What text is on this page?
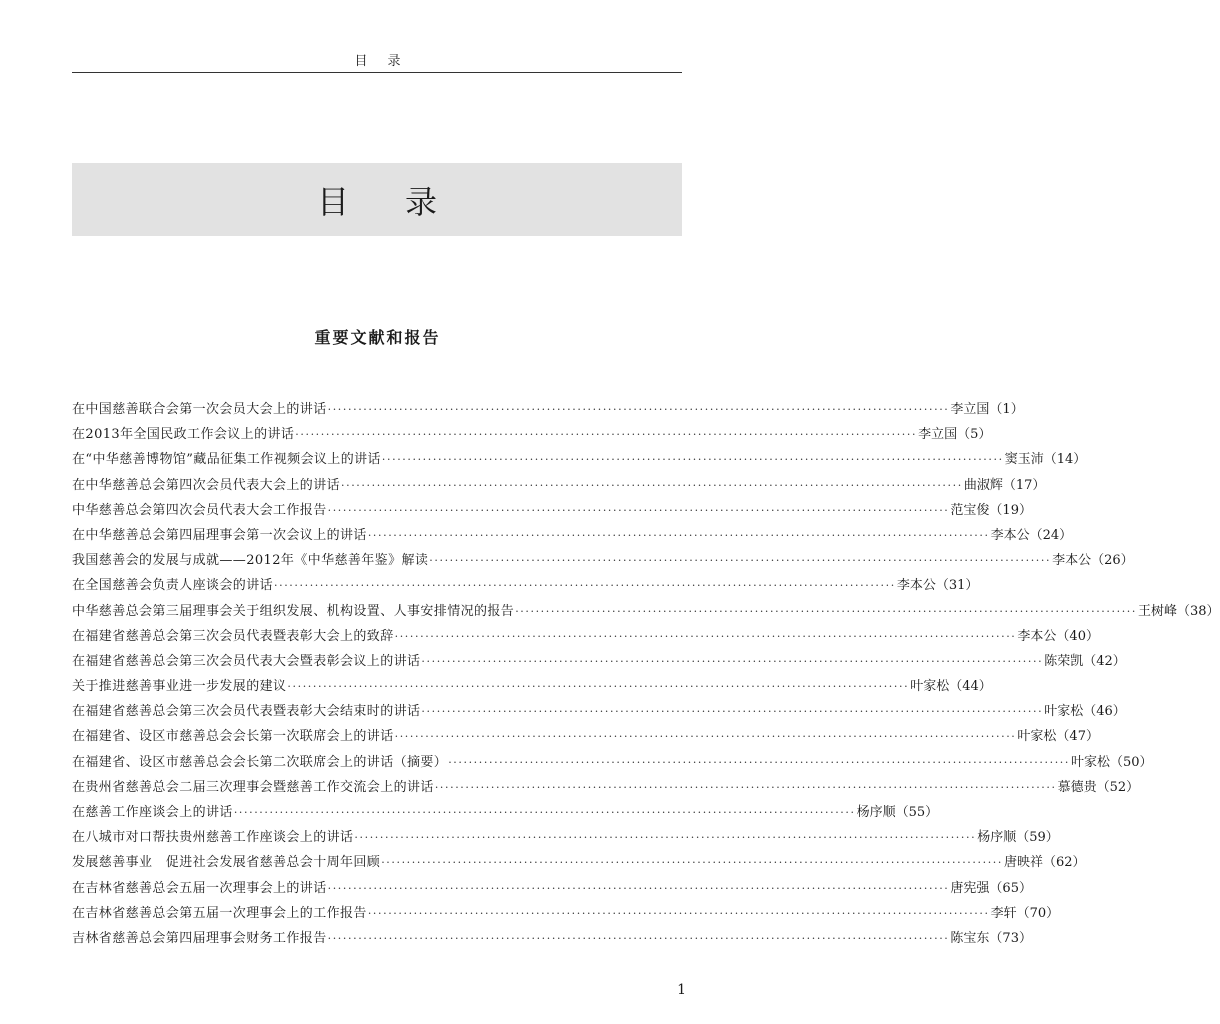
目录
目录
重要文献和报告
在中国慈善联合会第一次会员大会上的讲话 ·····	李立国 （1）
在2013年全国民政工作会议上的讲话 ·····	李立国 （5）
在“中华慈善博物馆”藏品征集工作视频会议上的讲话 ·····	窦玉沛 （14）
在中华慈善总会第四次会员代表大会上的讲话 ·····	曲淑辉 （17）
中华慈善总会第四次会员代表大会工作报告 ·····	范宝俊 （19）
在中华慈善总会第四届理事会第一次会议上的讲话 ·····	李本公 （24）
我国慈善会的发展与成就——2012年《中华慈善年鉴》解读 ·····	李本公 （26）
在全国慈善会负责人座谈会的讲话 ·····	李本公 （31）
中华慈善总会第三届理事会关于组织发展、机构设置、人事安排情况的报告 ·····	王树峰 （38）
在福建省慈善总会第三次会员代表暨表彰大会上的致辞 ·····	李本公 （40）
在福建省慈善总会第三次会员代表大会暨表彰会议上的讲话 ·····	陈荣凯 （42）
关于推进慈善事业进一步发展的建议 ·····	叶家松 （44）
在福建省慈善总会第三次会员代表暨表彰大会结束时的讲话 ·····	叶家松 （46）
在福建省、设区市慈善总会会长第一次联席会上的讲话 ·····	叶家松 （47）
在福建省、设区市慈善总会会长第二次联席会上的讲话（摘要） ·····	叶家松 （50）
在贵州省慈善总会二届三次理事会暨慈善工作交流会上的讲话 ·····	慕德贵 （52）
在慈善工作座谈会上的讲话 ·····	杨序顺 （55）
在八城市对口帮扶贵州慈善工作座谈会上的讲话 ·····	杨序顺 （59）
发展慈善事业　促进社会发展省慈善总会十周年回顾 ·····	唐映祥 （62）
在吉林省慈善总会五届一次理事会上的讲话 ·····	唐宪强 （65）
在吉林省慈善总会第五届一次理事会上的工作报告 ·····	李轩 （70）
吉林省慈善总会第四届理事会财务工作报告 ·····	陈宝东 （73）
1
